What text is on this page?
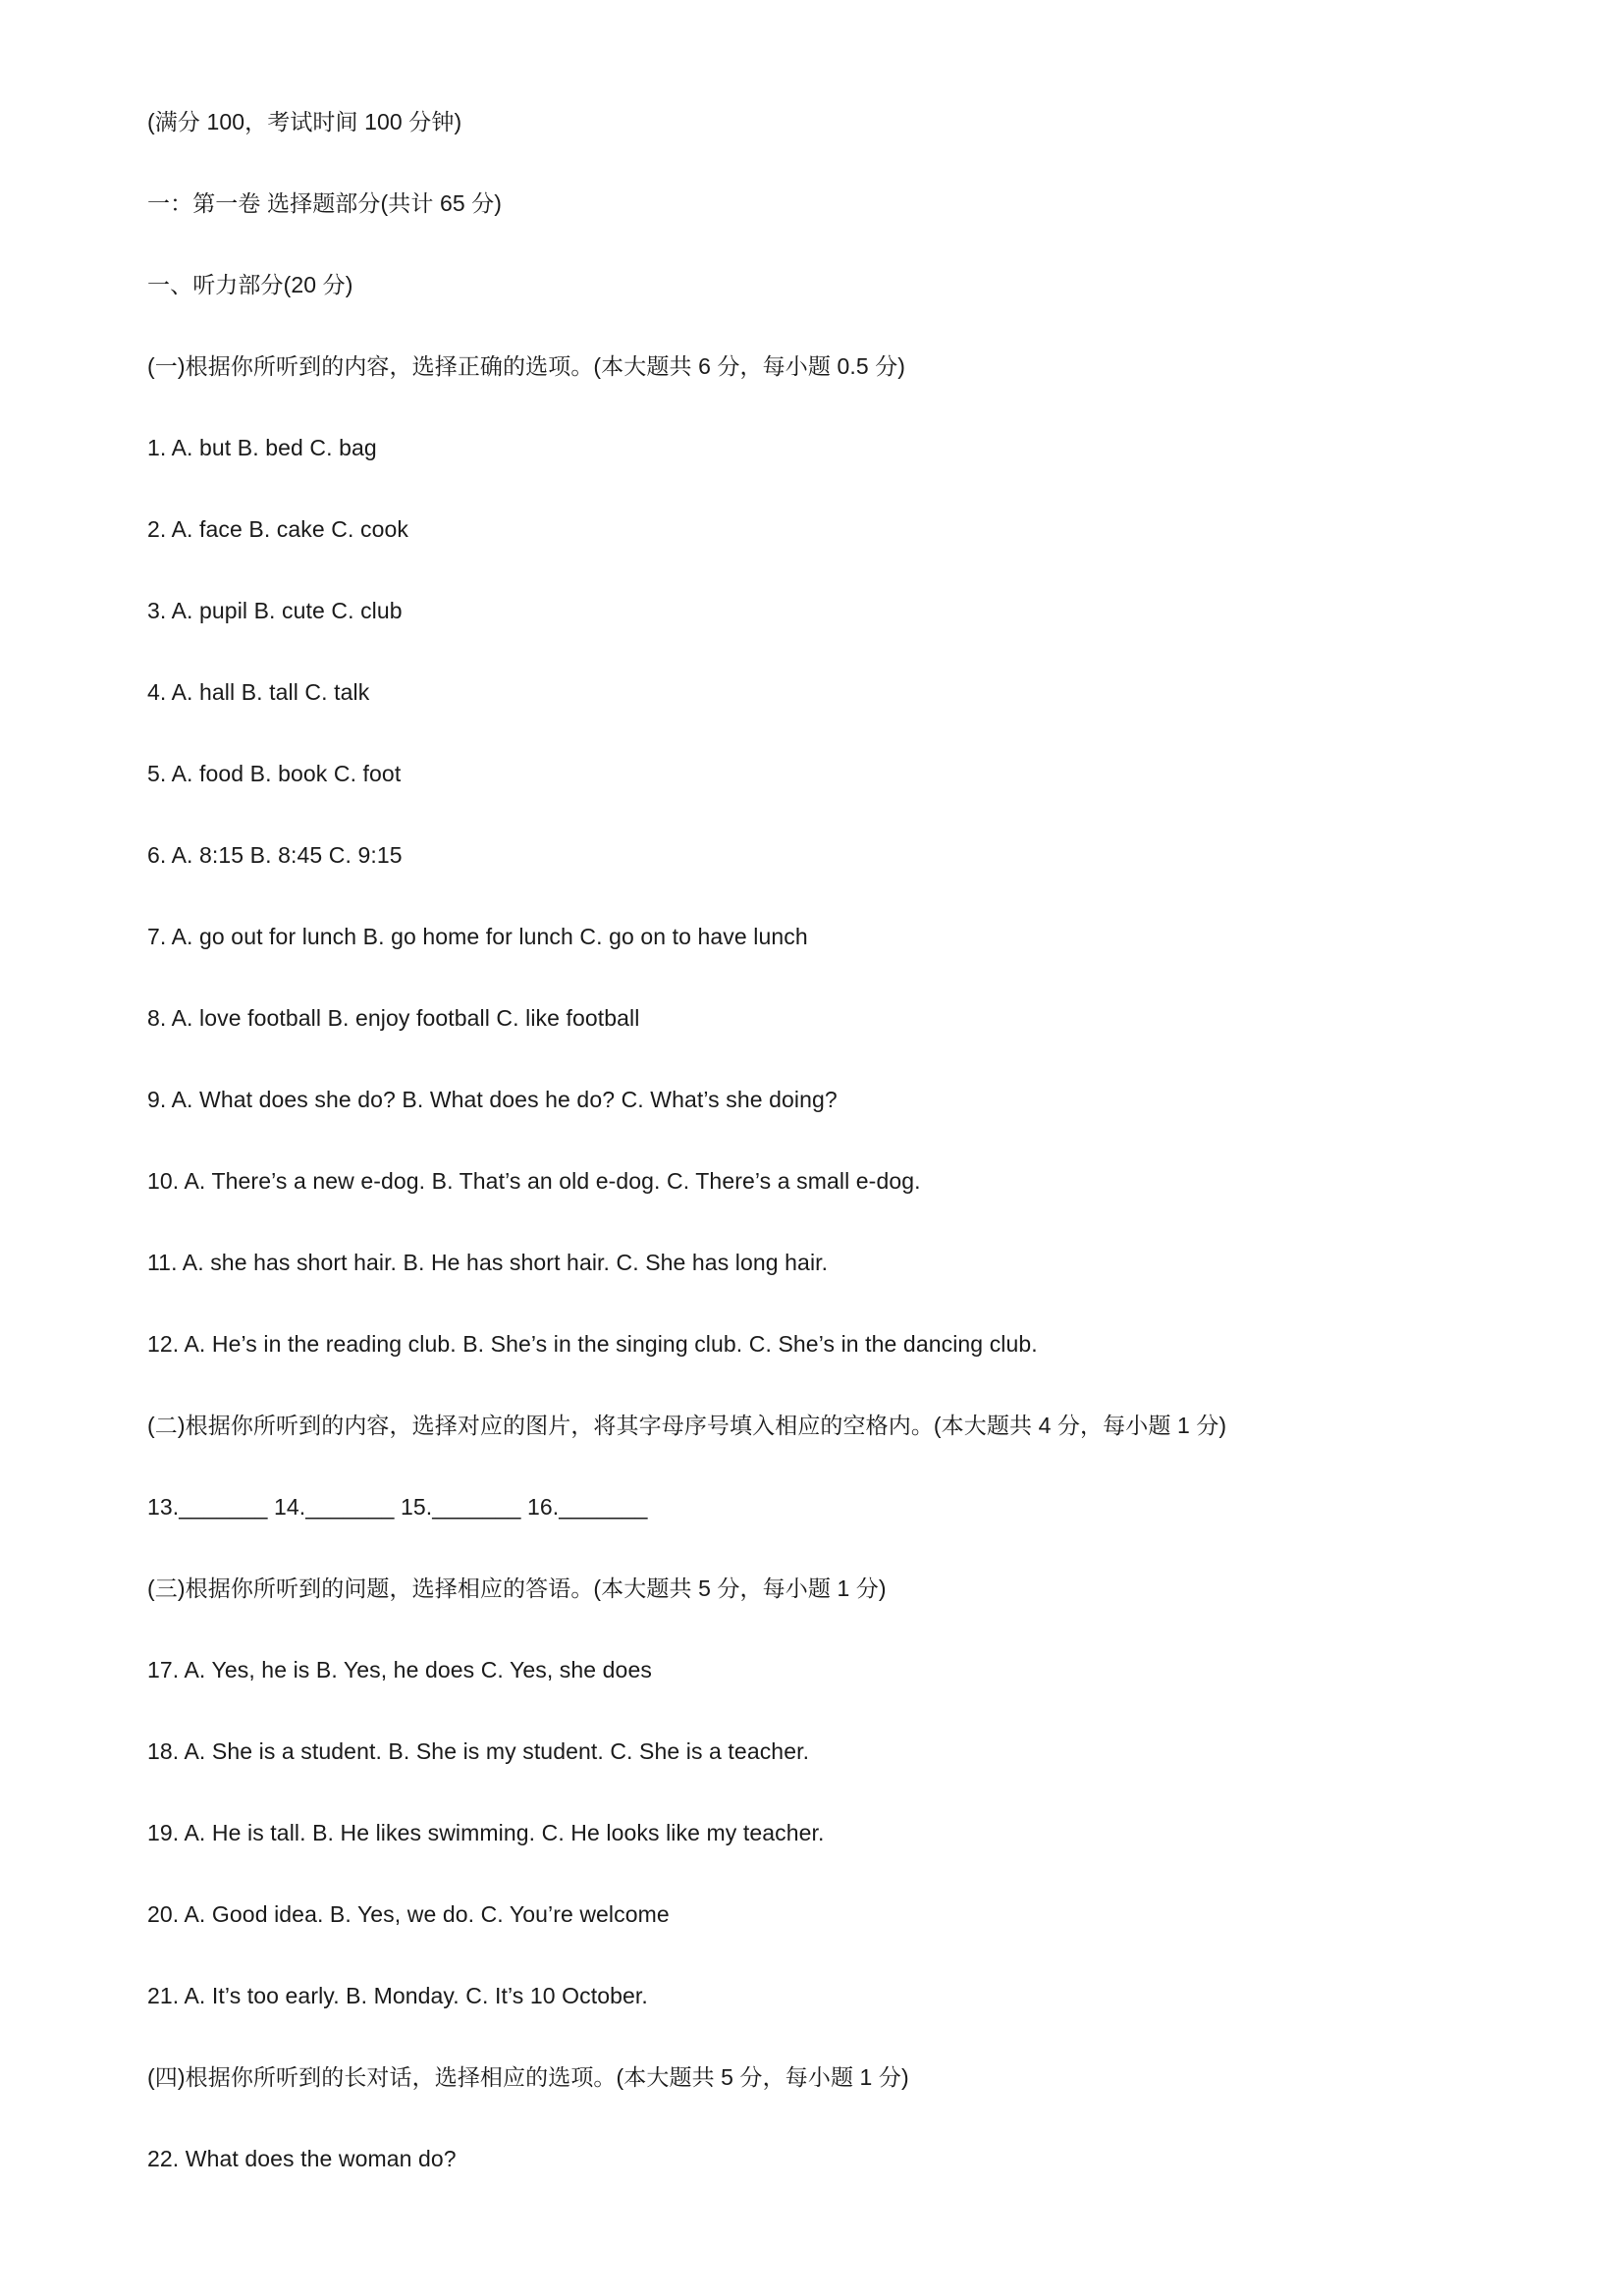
(满分 100，考试时间 100 分钟)
一：第一卷 选择题部分(共计 65 分)
一、听力部分(20 分)
(一)根据你所听到的内容，选择正确的选项。(本大题共 6 分，每小题 0.5 分)
1. A. but B. bed C. bag
2. A. face B. cake C. cook
3. A. pupil B. cute C. club
4. A. hall B. tall C. talk
5. A. food B. book C. foot
6. A. 8:15 B. 8:45 C. 9:15
7. A. go out for lunch B. go home for lunch C. go on to have lunch
8. A. love football B. enjoy football C. like football
9. A. What does she do? B. What does he do? C. What’s she doing?
10. A. There’s a new e-dog. B. That’s an old e-dog. C. There’s a small e-dog.
11. A. she has short hair. B. He has short hair. C. She has long hair.
12. A. He’s in the reading club. B. She’s in the singing club. C. She’s in the dancing club.
(二)根据你所听到的内容，选择对应的图片，将其字母序号填入相应的空格内。(本大题共 4 分，每小题 1 分)
13._______ 14._______ 15._______ 16._______
(三)根据你所听到的问题，选择相应的答语。(本大题共 5 分，每小题 1 分)
17. A. Yes, he is B. Yes, he does C. Yes, she does
18. A. She is a student. B. She is my student. C. She is a teacher.
19. A. He is tall. B. He likes swimming. C. He looks like my teacher.
20. A. Good idea. B. Yes, we do. C. You’re welcome
21. A. It’s too early. B. Monday. C. It’s 10 October.
(四)根据你所听到的长对话，选择相应的选项。(本大题共 5 分，每小题 1 分)
22. What does the woman do?
